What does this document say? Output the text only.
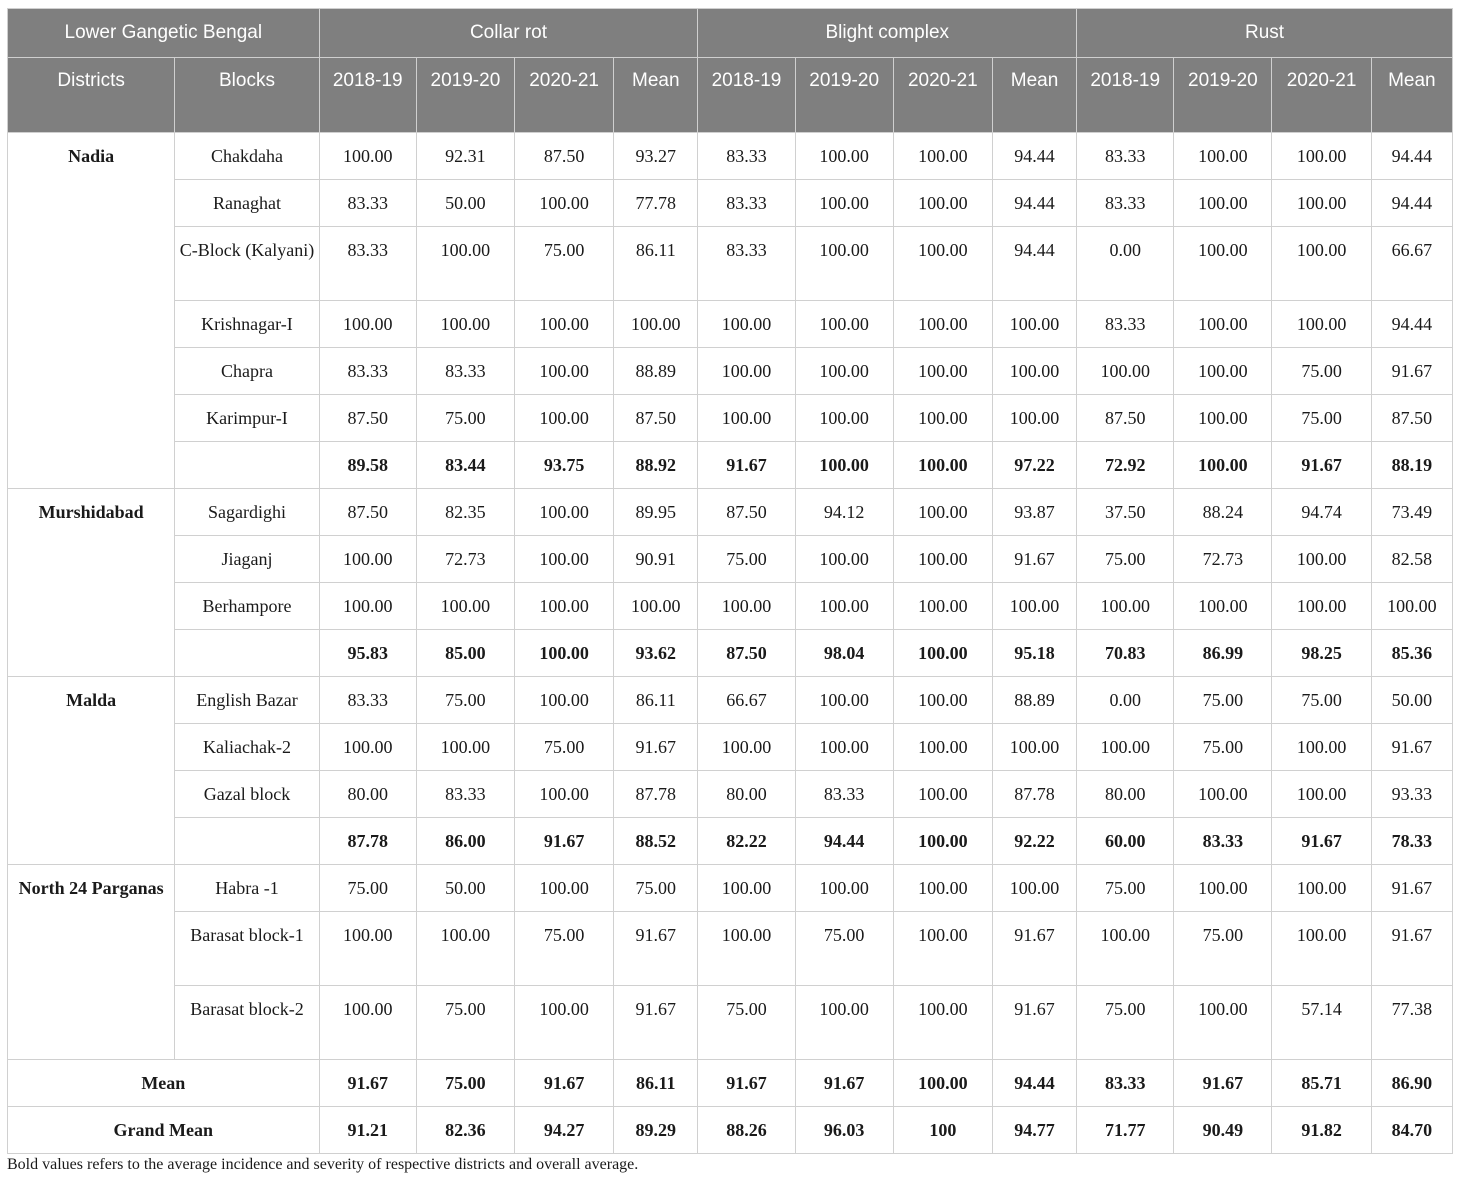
Lower Gangetic Bengal		Collar rot				Blight complex				Rust			
Districts	Blocks	2018-19	2019-20	2020-21	Mean	2018-19	2019-20	2020-21	Mean	2018-19	2019-20	2020-21	Mean
Nadia	Chakdaha	100.00	92.31	87.50	93.27	83.33	100.00	100.00	94.44	83.33	100.00	100.00	94.44
	Ranaghat	83.33	50.00	100.00	77.78	83.33	100.00	100.00	94.44	83.33	100.00	100.00	94.44
	C-Block (Kalyani)	83.33	100.00	75.00	86.11	83.33	100.00	100.00	94.44	0.00	100.00	100.00	66.67
	Krishnagar-I	100.00	100.00	100.00	100.00	100.00	100.00	100.00	100.00	83.33	100.00	100.00	94.44
	Chapra	83.33	83.33	100.00	88.89	100.00	100.00	100.00	100.00	100.00	100.00	75.00	91.67
	Karimpur-I	87.50	75.00	100.00	87.50	100.00	100.00	100.00	100.00	87.50	100.00	75.00	87.50
		89.58	83.44	93.75	88.92	91.67	100.00	100.00	97.22	72.92	100.00	91.67	88.19
Murshidabad	Sagardighi	87.50	82.35	100.00	89.95	87.50	94.12	100.00	93.87	37.50	88.24	94.74	73.49
	Jiaganj	100.00	72.73	100.00	90.91	75.00	100.00	100.00	91.67	75.00	72.73	100.00	82.58
	Berhampore	100.00	100.00	100.00	100.00	100.00	100.00	100.00	100.00	100.00	100.00	100.00	100.00
		95.83	85.00	100.00	93.62	87.50	98.04	100.00	95.18	70.83	86.99	98.25	85.36
Malda	English Bazar	83.33	75.00	100.00	86.11	66.67	100.00	100.00	88.89	0.00	75.00	75.00	50.00
	Kaliachak-2	100.00	100.00	75.00	91.67	100.00	100.00	100.00	100.00	100.00	75.00	100.00	91.67
	Gazal block	80.00	83.33	100.00	87.78	80.00	83.33	100.00	87.78	80.00	100.00	100.00	93.33
		87.78	86.00	91.67	88.52	82.22	94.44	100.00	92.22	60.00	83.33	91.67	78.33
North 24 Parganas	Habra -1	75.00	50.00	100.00	75.00	100.00	100.00	100.00	100.00	75.00	100.00	100.00	91.67
	Barasat block-1	100.00	100.00	75.00	91.67	100.00	75.00	100.00	91.67	100.00	75.00	100.00	91.67
	Barasat block-2	100.00	75.00	100.00	91.67	75.00	100.00	100.00	91.67	75.00	100.00	57.14	77.38
Mean		91.67	75.00	91.67	86.11	91.67	91.67	100.00	94.44	83.33	91.67	85.71	86.90
Grand Mean		91.21	82.36	94.27	89.29	88.26	96.03	100	94.77	71.77	90.49	91.82	84.70

Bold values refers to the average incidence and severity of respective districts and overall average.
